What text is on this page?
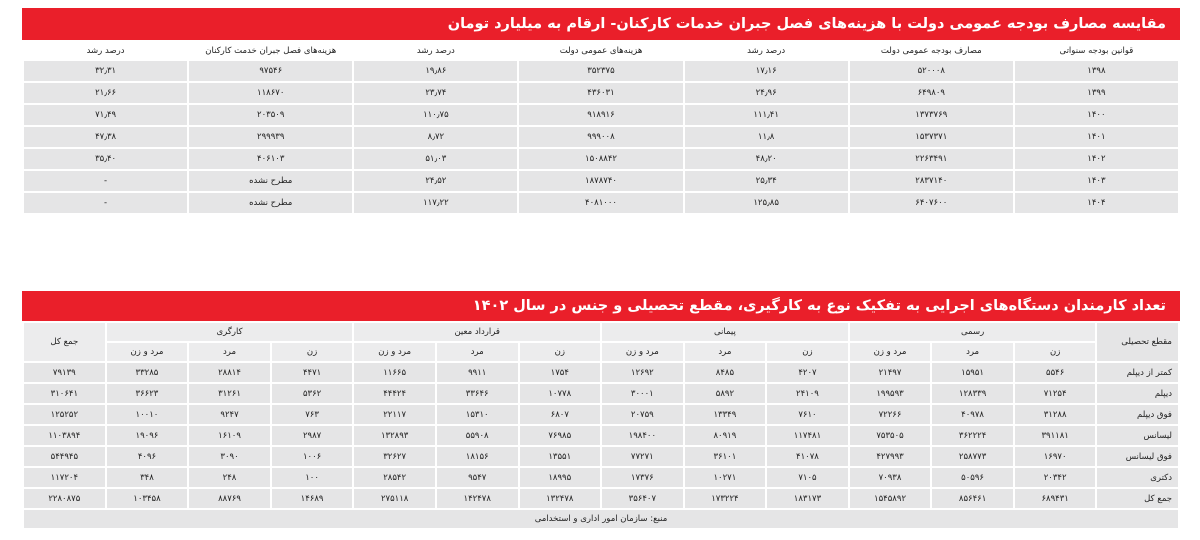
مقایسه مصارف بودجه عمومی دولت با هزینه‌های فصل جبران خدمات کارکنان- ارقام به میلیارد تومان
قوانین بودجه سنواتی	مصارف بودجه عمومی دولت	درصد رشد	هزینه‌های عمومی دولت	درصد رشد	هزینه‌های فصل جبران خدمت کارکنان	درصد رشد
۱۳۹۸	۵۲۰۰۰۸	۱۷٫۱۶	۳۵۲۳۷۵	۱۹٫۸۶	۹۷۵۴۶	۳۲٫۳۱
۱۳۹۹	۶۴۹۸۰۹	۲۴٫۹۶	۴۳۶۰۳۱	۲۳٫۷۴	۱۱۸۶۷۰	۲۱٫۶۶
۱۴۰۰	۱۳۷۳۷۶۹	۱۱۱٫۴۱	۹۱۸۹۱۶	۱۱۰٫۷۵	۲۰۳۵۰۹	۷۱٫۴۹
۱۴۰۱	۱۵۳۷۳۷۱	۱۱٫۸	۹۹۹۰۰۸	۸٫۷۲	۲۹۹۹۳۹	۴۷٫۳۸
۱۴۰۲	۲۲۶۳۴۹۱	۴۸٫۲۰	۱۵۰۸۸۴۲	۵۱٫۰۳	۴۰۶۱۰۳	۳۵٫۴۰
۱۴۰۳	۲۸۳۷۱۴۰	۲۵٫۳۴	۱۸۷۸۷۴۰	۲۴٫۵۲	مطرح نشده	-
۱۴۰۴	۶۴۰۷۶۰۰	۱۲۵٫۸۵	۴۰۸۱۰۰۰	۱۱۷٫۲۲	مطرح نشده	-
تعداد کارمندان دستگاه‌های اجرایی به تفکیک نوع به کارگیری، مقطع تحصیلی و جنس در سال ۱۴۰۲
مقطع تحصیلی	رسمی			پیمانی			قرارداد معین			کارگری			جمع کل
	زن	مرد	مرد و زن	زن	مرد	مرد و زن	زن	مرد	مرد و زن	زن	مرد	مرد و زن	
کمتر از دیپلم	۵۵۴۶	۱۵۹۵۱	۲۱۴۹۷	۴۲۰۷	۸۴۸۵	۱۲۶۹۲	۱۷۵۴	۹۹۱۱	۱۱۶۶۵	۴۴۷۱	۲۸۸۱۴	۳۳۲۸۵	۷۹۱۳۹
دیپلم	۷۱۲۵۴	۱۲۸۳۳۹	۱۹۹۵۹۳	۲۴۱۰۹	۵۸۹۲	۳۰۰۰۱	۱۰۷۷۸	۳۳۶۴۶	۴۴۴۲۴	۵۳۶۲	۳۱۲۶۱	۳۶۶۲۳	۳۱۰۶۴۱
فوق دیپلم	۳۱۲۸۸	۴۰۹۷۸	۷۲۲۶۶	۷۶۱۰	۱۳۳۴۹	۲۰۷۵۹	۶۸۰۷	۱۵۳۱۰	۲۲۱۱۷	۷۶۳	۹۲۴۷	۱۰۰۱۰	۱۲۵۲۵۲
لیسانس	۳۹۱۱۸۱	۳۶۲۲۲۴	۷۵۳۵۰۵	۱۱۷۴۸۱	۸۰۹۱۹	۱۹۸۴۰۰	۷۶۹۸۵	۵۵۹۰۸	۱۳۲۸۹۳	۲۹۸۷	۱۶۱۰۹	۱۹۰۹۶	۱۱۰۳۸۹۴
فوق لیسانس	۱۶۹۷۰	۲۵۸۷۷۳	۴۲۷۹۹۳	۴۱۰۷۸	۳۶۱۰۱	۷۷۲۷۱	۱۳۵۵۱	۱۸۱۵۶	۳۲۶۲۷	۱۰۰۶	۳۰۹۰	۴۰۹۶	۵۴۴۹۴۵
دکتری	۲۰۳۴۲	۵۰۵۹۶	۷۰۹۳۸	۷۱۰۵	۱۰۲۷۱	۱۷۳۷۶	۱۸۹۹۵	۹۵۴۷	۲۸۵۴۲	۱۰۰	۲۴۸	۳۴۸	۱۱۷۲۰۴
جمع کل	۶۸۹۴۳۱	۸۵۶۴۶۱	۱۵۴۵۸۹۲	۱۸۳۱۷۳	۱۷۳۲۲۴	۳۵۶۴۰۷	۱۳۲۴۷۸	۱۴۲۴۷۸	۲۷۵۱۱۸	۱۴۶۸۹	۸۸۷۶۹	۱۰۳۴۵۸	۲۲۸۰۸۷۵
منبع: سازمان امور اداری و استخدامی
